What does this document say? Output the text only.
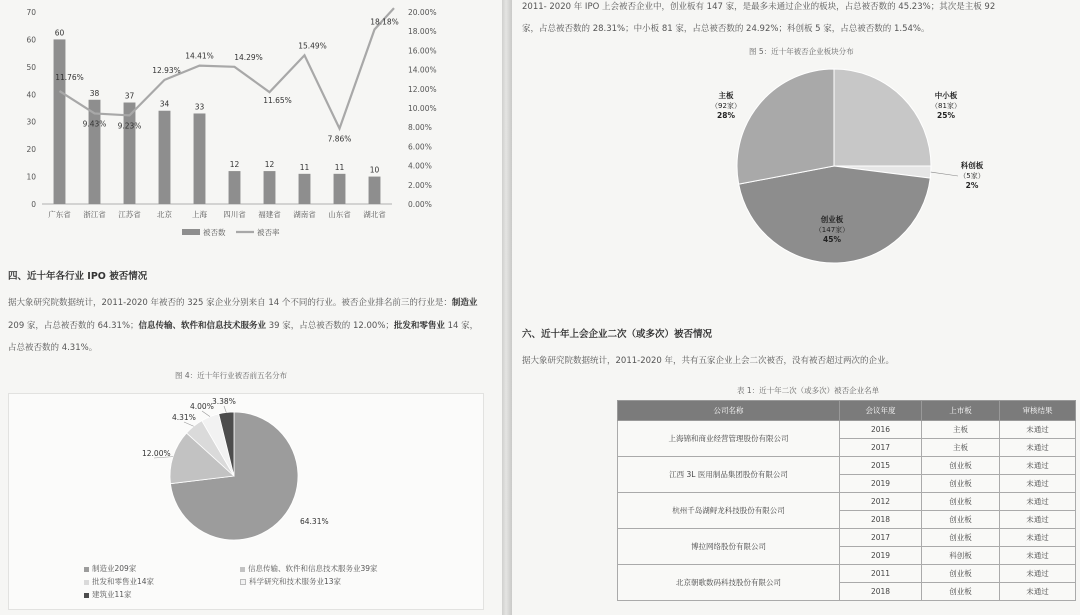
0
10
20
30
40
50
60
70
0.00%
2.00%
4.00%
6.00%
8.00%
10.00%
12.00%
14.00%
16.00%
18.00%
20.00%
60
广东省
38
浙江省
37
江苏省
34
北京
33
上海
12
四川省
12
福建省
11
湖南省
11
山东省
10
湖北省
11.76%
9.43% 9.23%
12.93%
14.41%	14.29%
11.65%
15.49%
7.86%
18.18%
被否数	被否率
四、近十年各行业 IPO 被否情况
据大象研究院数据统计，2011-2020 年被否的 325 家企业分别来自 14 个不同的行业。被否企业排名前三的行业是：制造业
209 家，占总被否数的 64.31%；信息传输、软件和信息技术服务业 39 家，占总被否数的 12.00%；批发和零售业 14 家，
占总被否数的 4.31%。
图 4：近十年行业被否前五名分布
64.31%
12.00%
4.31%
4.00%
3.38%
制造业209家	信息传输、软件和信息技术服务业39家
批发和零售业14家	科学研究和技术服务业13家
建筑业11家
2011- 2020 年 IPO 上会被否企业中，创业板有 147 家，是最多未通过企业的板块，占总被否数的 45.23%；其次是主板 92
家，占总被否数的 28.31%；中小板 81 家，占总被否数的 24.92%；科创板 5 家，占总被否数的 1.54%。
图 5：近十年被否企业板块分布
创业板
（147家）
45%
主板
（92家）
28%
中小板
（81家）
25%
科创板
（5家）
2%
六、近十年上会企业二次（或多次）被否情况
据大象研究院数据统计，2011-2020 年，共有五家企业上会二次被否，没有被否超过两次的企业。
表 1：近十年二次（或多次）被否企业名单
公司名称	会议年度	上市板	审核结果
上海锦和商业经营管理股份有限公司	2016	主板	未通过
	2017	主板	未通过
江西 3L 医用制品集团股份有限公司	2015	创业板	未通过
	2019	创业板	未通过
杭州千岛湖鲟龙科技股份有限公司	2012	创业板	未通过
	2018	创业板	未通过
博拉网络股份有限公司	2017	创业板	未通过
	2019	科创板	未通过
北京朝歌数码科技股份有限公司	2011	创业板	未通过
	2018	创业板	未通过
